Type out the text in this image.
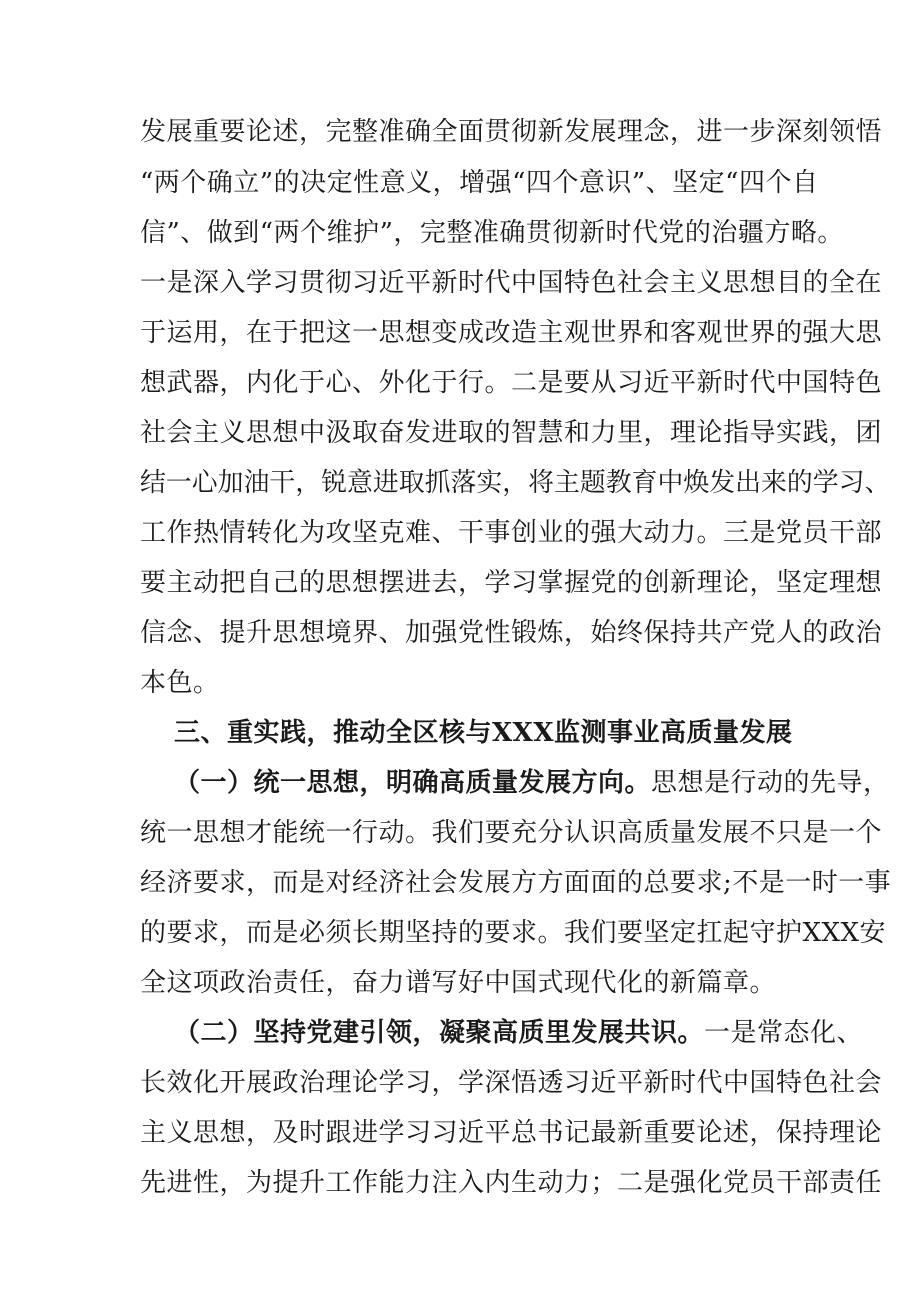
发展重要论述，完整准确全面贯彻新发展理念，进一步深刻领悟
“两个确立”的决定性意义，增强“四个意识”、坚定“四个自
信”、做到“两个维护”，完整准确贯彻新时代党的治疆方略。
一是深入学习贯彻习近平新时代中国特色社会主义思想目的全在
于运用，在于把这一思想变成改造主观世界和客观世界的强大思
想武器，内化于心、外化于行。二是要从习近平新时代中国特色
社会主义思想中汲取奋发进取的智慧和力里，理论指导实践，团
结一心加油干，锐意进取抓落实，将主题教育中焕发出来的学习、
工作热情转化为攻坚克难、干事创业的强大动力。三是党员干部
要主动把自己的思想摆进去，学习掌握党的创新理论，坚定理想
信念、提升思想境界、加强党性锻炼，始终保持共产党人的政治
本色。
三、重实践，推动全区核与XXX监测事业高质量发展
（一）统一思想，明确高质量发展方向。思想是行动的先导，
统一思想才能统一行动。我们要充分认识高质量发展不只是一个
经济要求，而是对经济社会发展方方面面的总要求;不是一时一事
的要求，而是必须长期坚持的要求。我们要坚定扛起守护XXX安
全这项政治责任，奋力谱写好中国式现代化的新篇章。
（二）坚持党建引领，凝聚高质里发展共识。一是常态化、
长效化开展政治理论学习，学深悟透习近平新时代中国特色社会
主义思想，及时跟进学习习近平总书记最新重要论述，保持理论
先进性，为提升工作能力注入内生动力；二是强化党员干部责任
